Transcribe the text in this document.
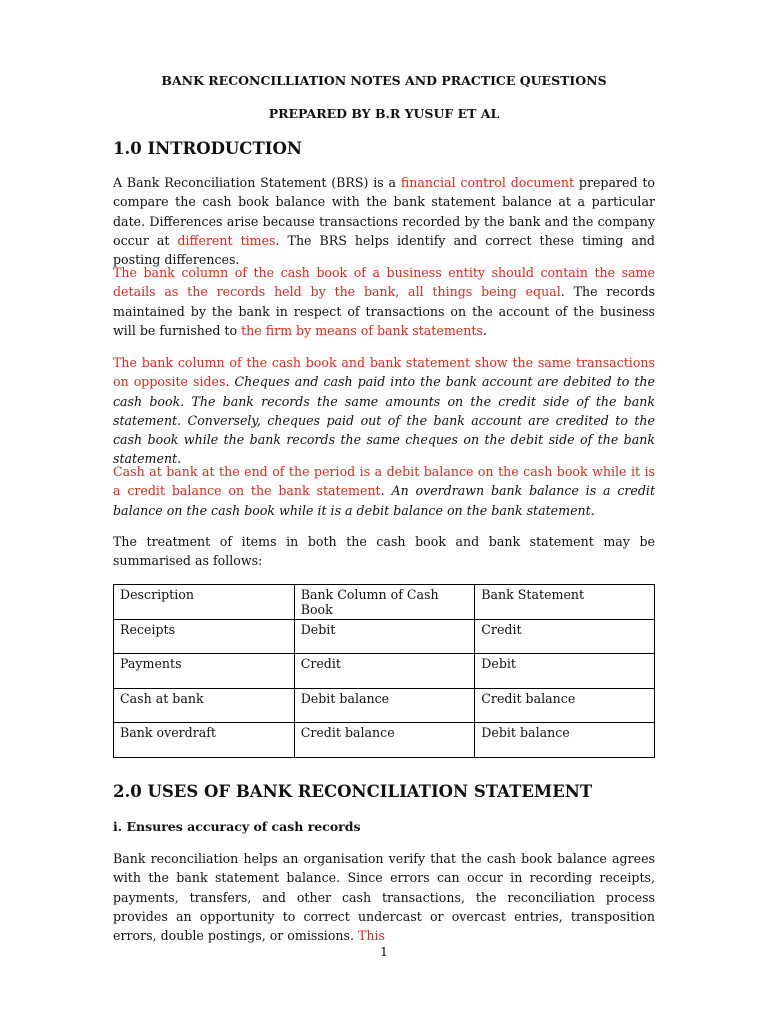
BANK RECONCILLIATION NOTES AND PRACTICE QUESTIONS
PREPARED BY B.R YUSUF ET AL
1.0 INTRODUCTION

A Bank Reconciliation Statement (BRS) is a financial control document prepared to compare the cash book balance with the bank statement balance at a particular date. Differences arise because transactions recorded by the bank and the company occur at different times. The BRS helps identify and correct these timing and posting differences.

The bank column of the cash book of a business entity should contain the same details as the records held by the bank, all things being equal. The records maintained by the bank in respect of transactions on the account of the business will be furnished to the firm by means of bank statements.

The bank column of the cash book and bank statement show the same transactions on opposite sides. Cheques and cash paid into the bank account are debited to the cash book. The bank records the same amounts on the credit side of the bank statement. Conversely, cheques paid out of the bank account are credited to the cash book while the bank records the same cheques on the debit side of the bank statement.

Cash at bank at the end of the period is a debit balance on the cash book while it is a credit balance on the bank statement. An overdrawn bank balance is a credit balance on the cash book while it is a debit balance on the bank statement.

The treatment of items in both the cash book and bank statement may be summarised as follows:

Description	Bank Column of Cash Book	Bank Statement
Receipts	Debit	Credit
Payments	Credit	Debit
Cash at bank	Debit balance	Credit balance
Bank overdraft	Credit balance	Debit balance
2.0 USES OF BANK RECONCILIATION STATEMENT
i. Ensures accuracy of cash records

Bank reconciliation helps an organisation verify that the cash book balance agrees with the bank statement balance. Since errors can occur in recording receipts, payments, transfers, and other cash transactions, the reconciliation process provides an opportunity to correct undercast or overcast entries, transposition errors, double postings, or omissions. This

1
